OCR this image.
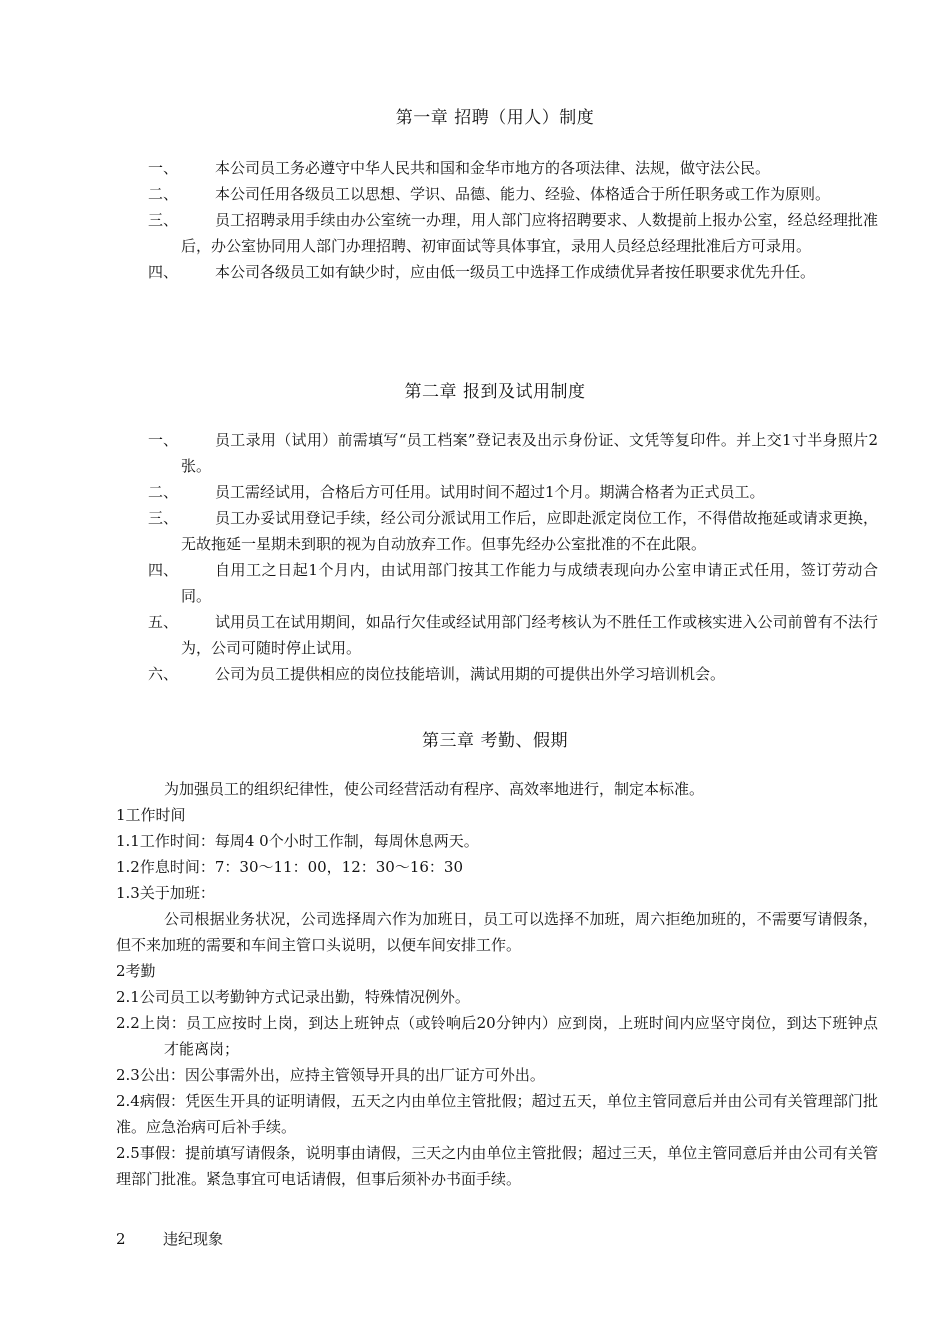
第一章 招聘（用人）制度
一、	本公司员工务必遵守中华人民共和国和金华市地方的各项法律、法规，做守法公民。
二、	本公司任用各级员工以思想、学识、品德、能力、经验、体格适合于所任职务或工作为原则。
三、	员工招聘录用手续由办公室统一办理，用人部门应将招聘要求、人数提前上报办公室，经总经理批准后，办公室协同用人部门办理招聘、初审面试等具体事宜，录用人员经总经理批准后方可录用。
四、	本公司各级员工如有缺少时，应由低一级员工中选择工作成绩优异者按任职要求优先升任。
第二章 报到及试用制度
一、	员工录用（试用）前需填写“员工档案”登记表及出示身份证、文凭等复印件。并上交1寸半身照片2张。
二、	员工需经试用，合格后方可任用。试用时间不超过1个月。期满合格者为正式员工。
三、	员工办妥试用登记手续，经公司分派试用工作后，应即赴派定岗位工作，不得借故拖延或请求更换，无故拖延一星期未到职的视为自动放弃工作。但事先经办公室批准的不在此限。
四、	自用工之日起1个月内，由试用部门按其工作能力与成绩表现向办公室申请正式任用，签订劳动合同。
五、	试用员工在试用期间，如品行欠佳或经试用部门经考核认为不胜任工作或核实进入公司前曾有不法行为，公司可随时停止试用。
六、	公司为员工提供相应的岗位技能培训，满试用期的可提供出外学习培训机会。
第三章 考勤、假期

为加强员工的组织纪律性，使公司经营活动有程序、高效率地进行，制定本标准。

1工作时间

1.1工作时间：每周4 0个小时工作制，每周休息两天。

1.2作息时间：7：30～11：00，12：30～16：30

1.3关于加班：

公司根据业务状况，公司选择周六作为加班日，员工可以选择不加班，周六拒绝加班的，不需要写请假条，但不来加班的需要和车间主管口头说明，以便车间安排工作。

2考勤

2.1公司员工以考勤钟方式记录出勤，特殊情况例外。

2.2上岗：员工应按时上岗，到达上班钟点（或铃响后20分钟内）应到岗，上班时间内应坚守岗位，到达下班钟点才能离岗；

2.3公出：因公事需外出，应持主管领导开具的出厂证方可外出。

2.4病假：凭医生开具的证明请假，五天之内由单位主管批假；超过五天，单位主管同意后并由公司有关管理部门批准。应急治病可后补手续。

2.5事假：提前填写请假条，说明事由请假，三天之内由单位主管批假；超过三天，单位主管同意后并由公司有关管理部门批准。紧急事宜可电话请假，但事后须补办书面手续。

2 违纪现象
